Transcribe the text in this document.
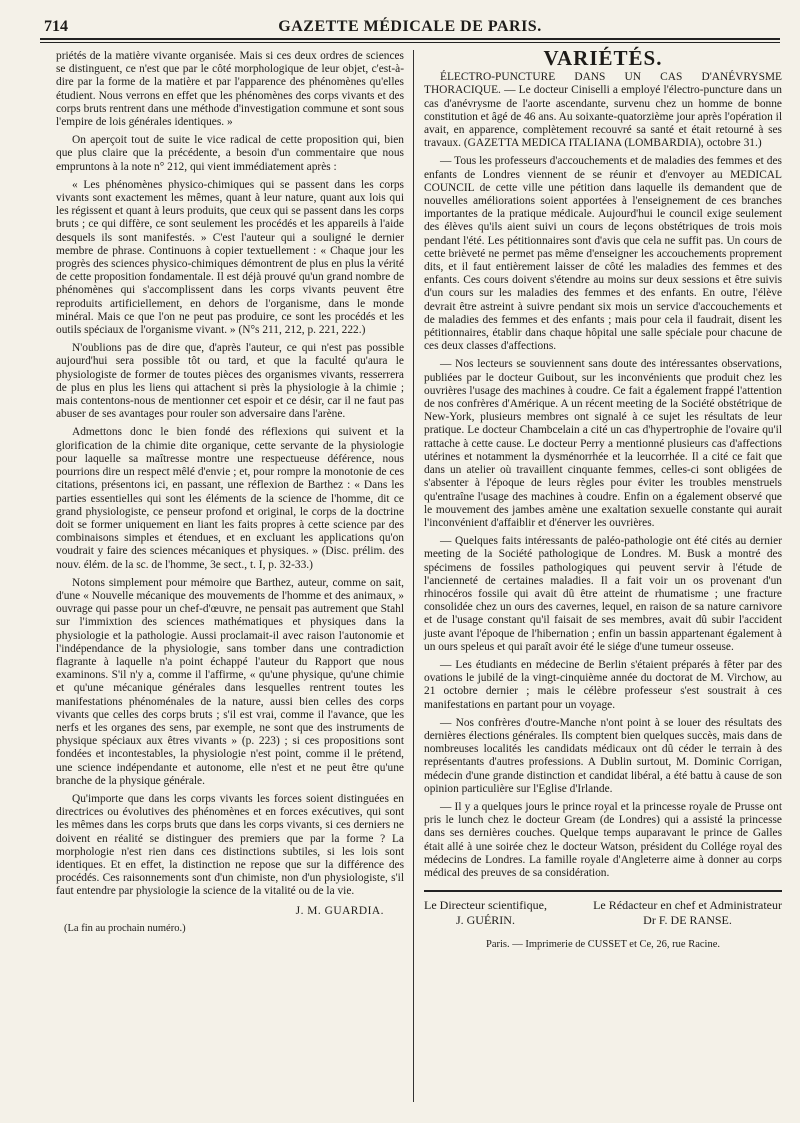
714	GAZETTE MÉDICALE DE PARIS.

priétés de la matière vivante organisée. Mais si ces deux ordres de sciences se distinguent, ce n'est que par le côté morphologique de leur objet, c'est-à-dire par la forme de la matière et par l'apparence des phénomènes qu'elles étudient. Nous verrons en effet que les phénomènes des corps vivants et des corps bruts rentrent dans une méthode d'investigation commune et sont sous l'empire de lois générales identiques. »

On aperçoit tout de suite le vice radical de cette proposition qui, bien que plus claire que la précédente, a besoin d'un commentaire que nous empruntons à la note n° 212, qui vient immédiatement après :

« Les phénomènes physico-chimiques qui se passent dans les corps vivants sont exactement les mêmes, quant à leur nature, quant aux lois qui les régissent et quant à leurs produits, que ceux qui se passent dans les corps bruts ; ce qui diffère, ce sont seulement les procédés et les appareils à l'aide desquels ils sont manifestés. » C'est l'auteur qui a souligné le dernier membre de phrase. Continuons à copier textuellement : « Chaque jour les progrès des sciences physico-chimiques démontrent de plus en plus la vérité de cette proposition fondamentale. Il est déjà prouvé qu'un grand nombre de phénomènes qui s'accomplissent dans les corps vivants peuvent être reproduits artificiellement, en dehors de l'organisme, dans le monde minéral. Mais ce que l'on ne peut pas produire, ce sont les procédés et les outils spéciaux de l'organisme vivant. » (N°s 211, 212, p. 221, 222.)

N'oublions pas de dire que, d'après l'auteur, ce qui n'est pas possible aujourd'hui sera possible tôt ou tard, et que la faculté qu'aura le physiologiste de former de toutes pièces des organismes vivants, resserrera de plus en plus les liens qui attachent si près la physiologie à la chimie ; mais contentons-nous de mentionner cet espoir et ce désir, car il ne faut pas abuser de ses avantages pour rouler son adversaire dans l'arène.

Admettons donc le bien fondé des réflexions qui suivent et la glorification de la chimie dite organique, cette servante de la physiologie pour laquelle sa maîtresse montre une respectueuse déférence, nous pourrions dire un respect mêlé d'envie ; et, pour rompre la monotonie de ces citations, présentons ici, en passant, une réflexion de Barthez : « Dans les parties essentielles qui sont les éléments de la science de l'homme, dit ce grand physiologiste, ce penseur profond et original, le corps de la doctrine doit se former uniquement en liant les faits propres à cette science par des combinaisons simples et étendues, et en excluant les applications qu'on voudrait y faire des sciences mécaniques et physiques. » (Disc. prélim. des nouv. élém. de la sc. de l'homme, 3e sect., t. I, p. 32-33.)

Notons simplement pour mémoire que Barthez, auteur, comme on sait, d'une « Nouvelle mécanique des mouvements de l'homme et des animaux, » ouvrage qui passe pour un chef-d'œuvre, ne pensait pas autrement que Stahl sur l'immixtion des sciences mathématiques et physiques dans la physiologie et la pathologie. Aussi proclamait-il avec raison l'autonomie et l'indépendance de la physiologie, sans tomber dans une contradiction flagrante à laquelle n'a point échappé l'auteur du Rapport que nous examinons. S'il n'y a, comme il l'affirme, « qu'une physique, qu'une chimie et qu'une mécanique générales dans lesquelles rentrent toutes les manifestations phénoménales de la nature, aussi bien celles des corps vivants que celles des corps bruts ; s'il est vrai, comme il l'avance, que les nerfs et les organes des sens, par exemple, ne sont que des instruments de physique spéciaux aux êtres vivants » (p. 223) ; si ces propositions sont fondées et incontestables, la physiologie n'est point, comme il le prétend, une science indépendante et autonome, elle n'est et ne peut être qu'une branche de la physique générale.

Qu'importe que dans les corps vivants les forces soient distinguées en directrices ou évolutives des phénomènes et en forces exécutives, qui sont les mêmes dans les corps bruts que dans les corps vivants, si ces derniers ne doivent en réalité se distinguer des premiers que par la forme ? La morphologie n'est rien dans ces distinctions subtiles, si les lois sont identiques. Et en effet, la distinction ne repose que sur la différence des procédés. Ces raisonnements sont d'un chimiste, non d'un physiologiste, s'il faut entendre par physiologie la science de la vitalité ou de la vie.

J. M. GUARDIA.
(La fin au prochain numéro.)
VARIÉTÉS.

ÉLECTRO-PUNCTURE DANS UN CAS D'ANÉVRYSME THORACIQUE. — Le docteur Ciniselli a employé l'électro-puncture dans un cas d'anévrysme de l'aorte ascendante, survenu chez un homme de bonne constitution et âgé de 46 ans. Au soixante-quatorzième jour après l'opération il avait, en apparence, complètement recouvré sa santé et était retourné à ses travaux. (GAZETTA MEDICA ITALIANA (LOMBARDIA), octobre 31.)

— Tous les professeurs d'accouchements et de maladies des femmes et des enfants de Londres viennent de se réunir et d'envoyer au MEDICAL COUNCIL de cette ville une pétition dans laquelle ils demandent que de nouvelles améliorations soient apportées à l'enseignement de ces branches importantes de la pratique médicale. Aujourd'hui le council exige seulement des élèves qu'ils aient suivi un cours de leçons obstétriques de trois mois pendant l'été. Les pétitionnaires sont d'avis que cela ne suffit pas. Un cours de cette brièveté ne permet pas même d'enseigner les accouchements proprement dits, et il faut entièrement laisser de côté les maladies des femmes et des enfants. Ces cours doivent s'étendre au moins sur deux sessions et être suivis d'un cours sur les maladies des femmes et des enfants. En outre, l'élève devrait être astreint à suivre pendant six mois un service d'accouchements et de maladies des femmes et des enfants ; mais pour cela il faudrait, disent les pétitionnaires, établir dans chaque hôpital une salle spéciale pour chacune de ces deux classes d'affections.

— Nos lecteurs se souviennent sans doute des intéressantes observations, publiées par le docteur Guibout, sur les inconvénients que produit chez les ouvrières l'usage des machines à coudre. Ce fait a également frappé l'attention de nos confrères d'Amérique. A un récent meeting de la Société obstétrique de New-York, plusieurs membres ont signalé à ce sujet les résultats de leur pratique. Le docteur Chambcelain a cité un cas d'hypertrophie de l'ovaire qu'il rattache à cette cause. Le docteur Perry a mentionné plusieurs cas d'affections utérines et notamment la dysménorrhée et la leucorrhée. Il a cité ce fait que dans un atelier où travaillent cinquante femmes, celles-ci sont obligées de s'absenter à l'époque de leurs règles pour éviter les troubles menstruels qu'entraîne l'usage des machines à coudre. Enfin on a également observé que le mouvement des jambes amène une exaltation sexuelle constante qui aurait l'inconvénient d'affaiblir et d'énerver les ouvrières.

— Quelques faits intéressants de paléo-pathologie ont été cités au dernier meeting de la Société pathologique de Londres. M. Busk a montré des spécimens de fossiles pathologiques qui peuvent servir à l'étude de l'ancienneté de certaines maladies. Il a fait voir un os provenant d'un rhinocéros fossile qui avait dû être atteint de rhumatisme ; une fracture consolidée chez un ours des cavernes, lequel, en raison de sa nature carnivore et de l'usage constant qu'il faisait de ses membres, avait dû subir l'accident juste avant l'époque de l'hibernation ; enfin un bassin appartenant également à un ours speleus et qui paraît avoir été le siége d'une tumeur osseuse.

— Les étudiants en médecine de Berlin s'étaient préparés à fêter par des ovations le jubilé de la vingt-cinquième année du doctorat de M. Virchow, au 21 octobre dernier ; mais le célèbre professeur s'est soustrait à ces manifestations en partant pour un voyage.

— Nos confrères d'outre-Manche n'ont point à se louer des résultats des dernières élections générales. Ils comptent bien quelques succès, mais dans de nombreuses localités les candidats médicaux ont dû céder le terrain à des représentants d'autres professions. A Dublin surtout, M. Dominic Corrigan, médecin d'une grande distinction et candidat libéral, a été battu à cause de son opinion particulière sur l'Eglise d'Irlande.

— Il y a quelques jours le prince royal et la princesse royale de Prusse ont pris le lunch chez le docteur Gream (de Londres) qui a assisté la princesse dans ses dernières couches. Quelque temps auparavant le prince de Galles était allé à une soirée chez le docteur Watson, président du Collége royal des médecins de Londres. La famille royale d'Angleterre aime à donner au corps médical des preuves de sa considération.

Le Directeur scientifique,
J. GUÉRIN.
Le Rédacteur en chef et Administrateur
Dr F. DE RANSE.
Paris. — Imprimerie de CUSSET et Ce, 26, rue Racine.
